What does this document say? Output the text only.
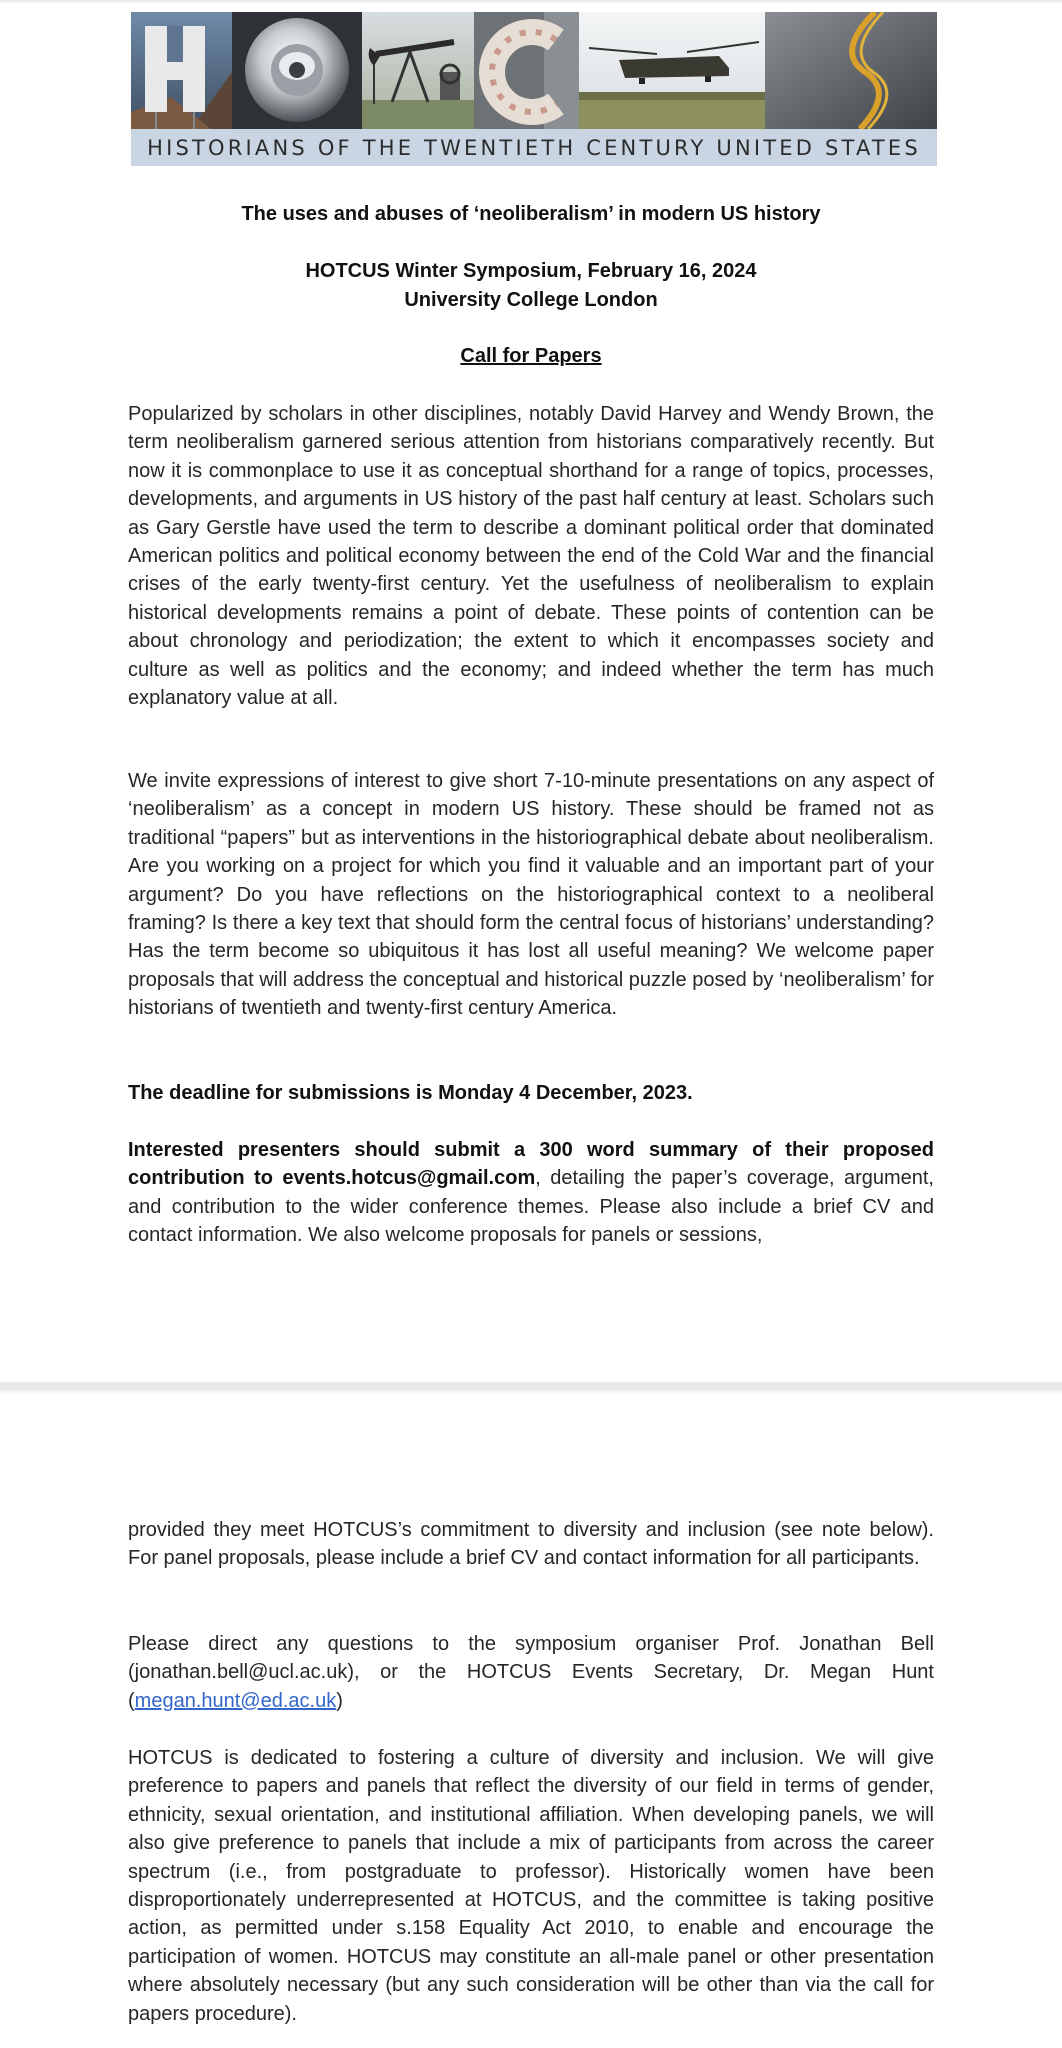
HISTORIANS OF THE TWENTIETH CENTURY UNITED STATES
The uses and abuses of ‘neoliberalism’ in modern US history
HOTCUS Winter Symposium, February 16, 2024
University College London
Call for Papers

Popularized by scholars in other disciplines, notably David Harvey and Wendy Brown, the term neoliberalism garnered serious attention from historians comparatively recently. But now it is commonplace to use it as conceptual shorthand for a range of topics, processes, developments, and arguments in US history of the past half century at least. Scholars such as Gary Gerstle have used the term to describe a dominant political order that dominated American politics and political economy between the end of the Cold War and the financial crises of the early twenty-first century. Yet the usefulness of neoliberalism to explain historical developments remains a point of debate. These points of contention can be about chronology and periodization; the extent to which it encompasses society and culture as well as politics and the economy; and indeed whether the term has much explanatory value at all.

We invite expressions of interest to give short 7-10-minute presentations on any aspect of ‘neoliberalism’ as a concept in modern US history. These should be framed not as traditional “papers” but as interventions in the historiographical debate about neoliberalism. Are you working on a project for which you find it valuable and an important part of your argument? Do you have reflections on the historiographical context to a neoliberal framing? Is there a key text that should form the central focus of historians’ understanding? Has the term become so ubiquitous it has lost all useful meaning? We welcome paper proposals that will address the conceptual and historical puzzle posed by ‘neoliberalism’ for historians of twentieth and twenty-first century America.

The deadline for submissions is Monday 4 December, 2023.

Interested presenters should submit a 300 word summary of their proposed contribution to events.hotcus@gmail.com, detailing the paper’s coverage, argument, and contribution to the wider conference themes. Please also include a brief CV and contact information. We also welcome proposals for panels or sessions,

provided they meet HOTCUS’s commitment to diversity and inclusion (see note below). For panel proposals, please include a brief CV and contact information for all participants.

Please direct any questions to the symposium organiser Prof. Jonathan Bell (jonathan.bell@ucl.ac.uk), or the HOTCUS Events Secretary, Dr. Megan Hunt (megan.hunt@ed.ac.uk)

HOTCUS is dedicated to fostering a culture of diversity and inclusion. We will give preference to papers and panels that reflect the diversity of our field in terms of gender, ethnicity, sexual orientation, and institutional affiliation. When developing panels, we will also give preference to panels that include a mix of participants from across the career spectrum (i.e., from postgraduate to professor). Historically women have been disproportionately underrepresented at HOTCUS, and the committee is taking positive action, as permitted under s.158 Equality Act 2010, to enable and encourage the participation of women. HOTCUS may constitute an all-male panel or other presentation where absolutely necessary (but any such consideration will be other than via the call for papers procedure).
